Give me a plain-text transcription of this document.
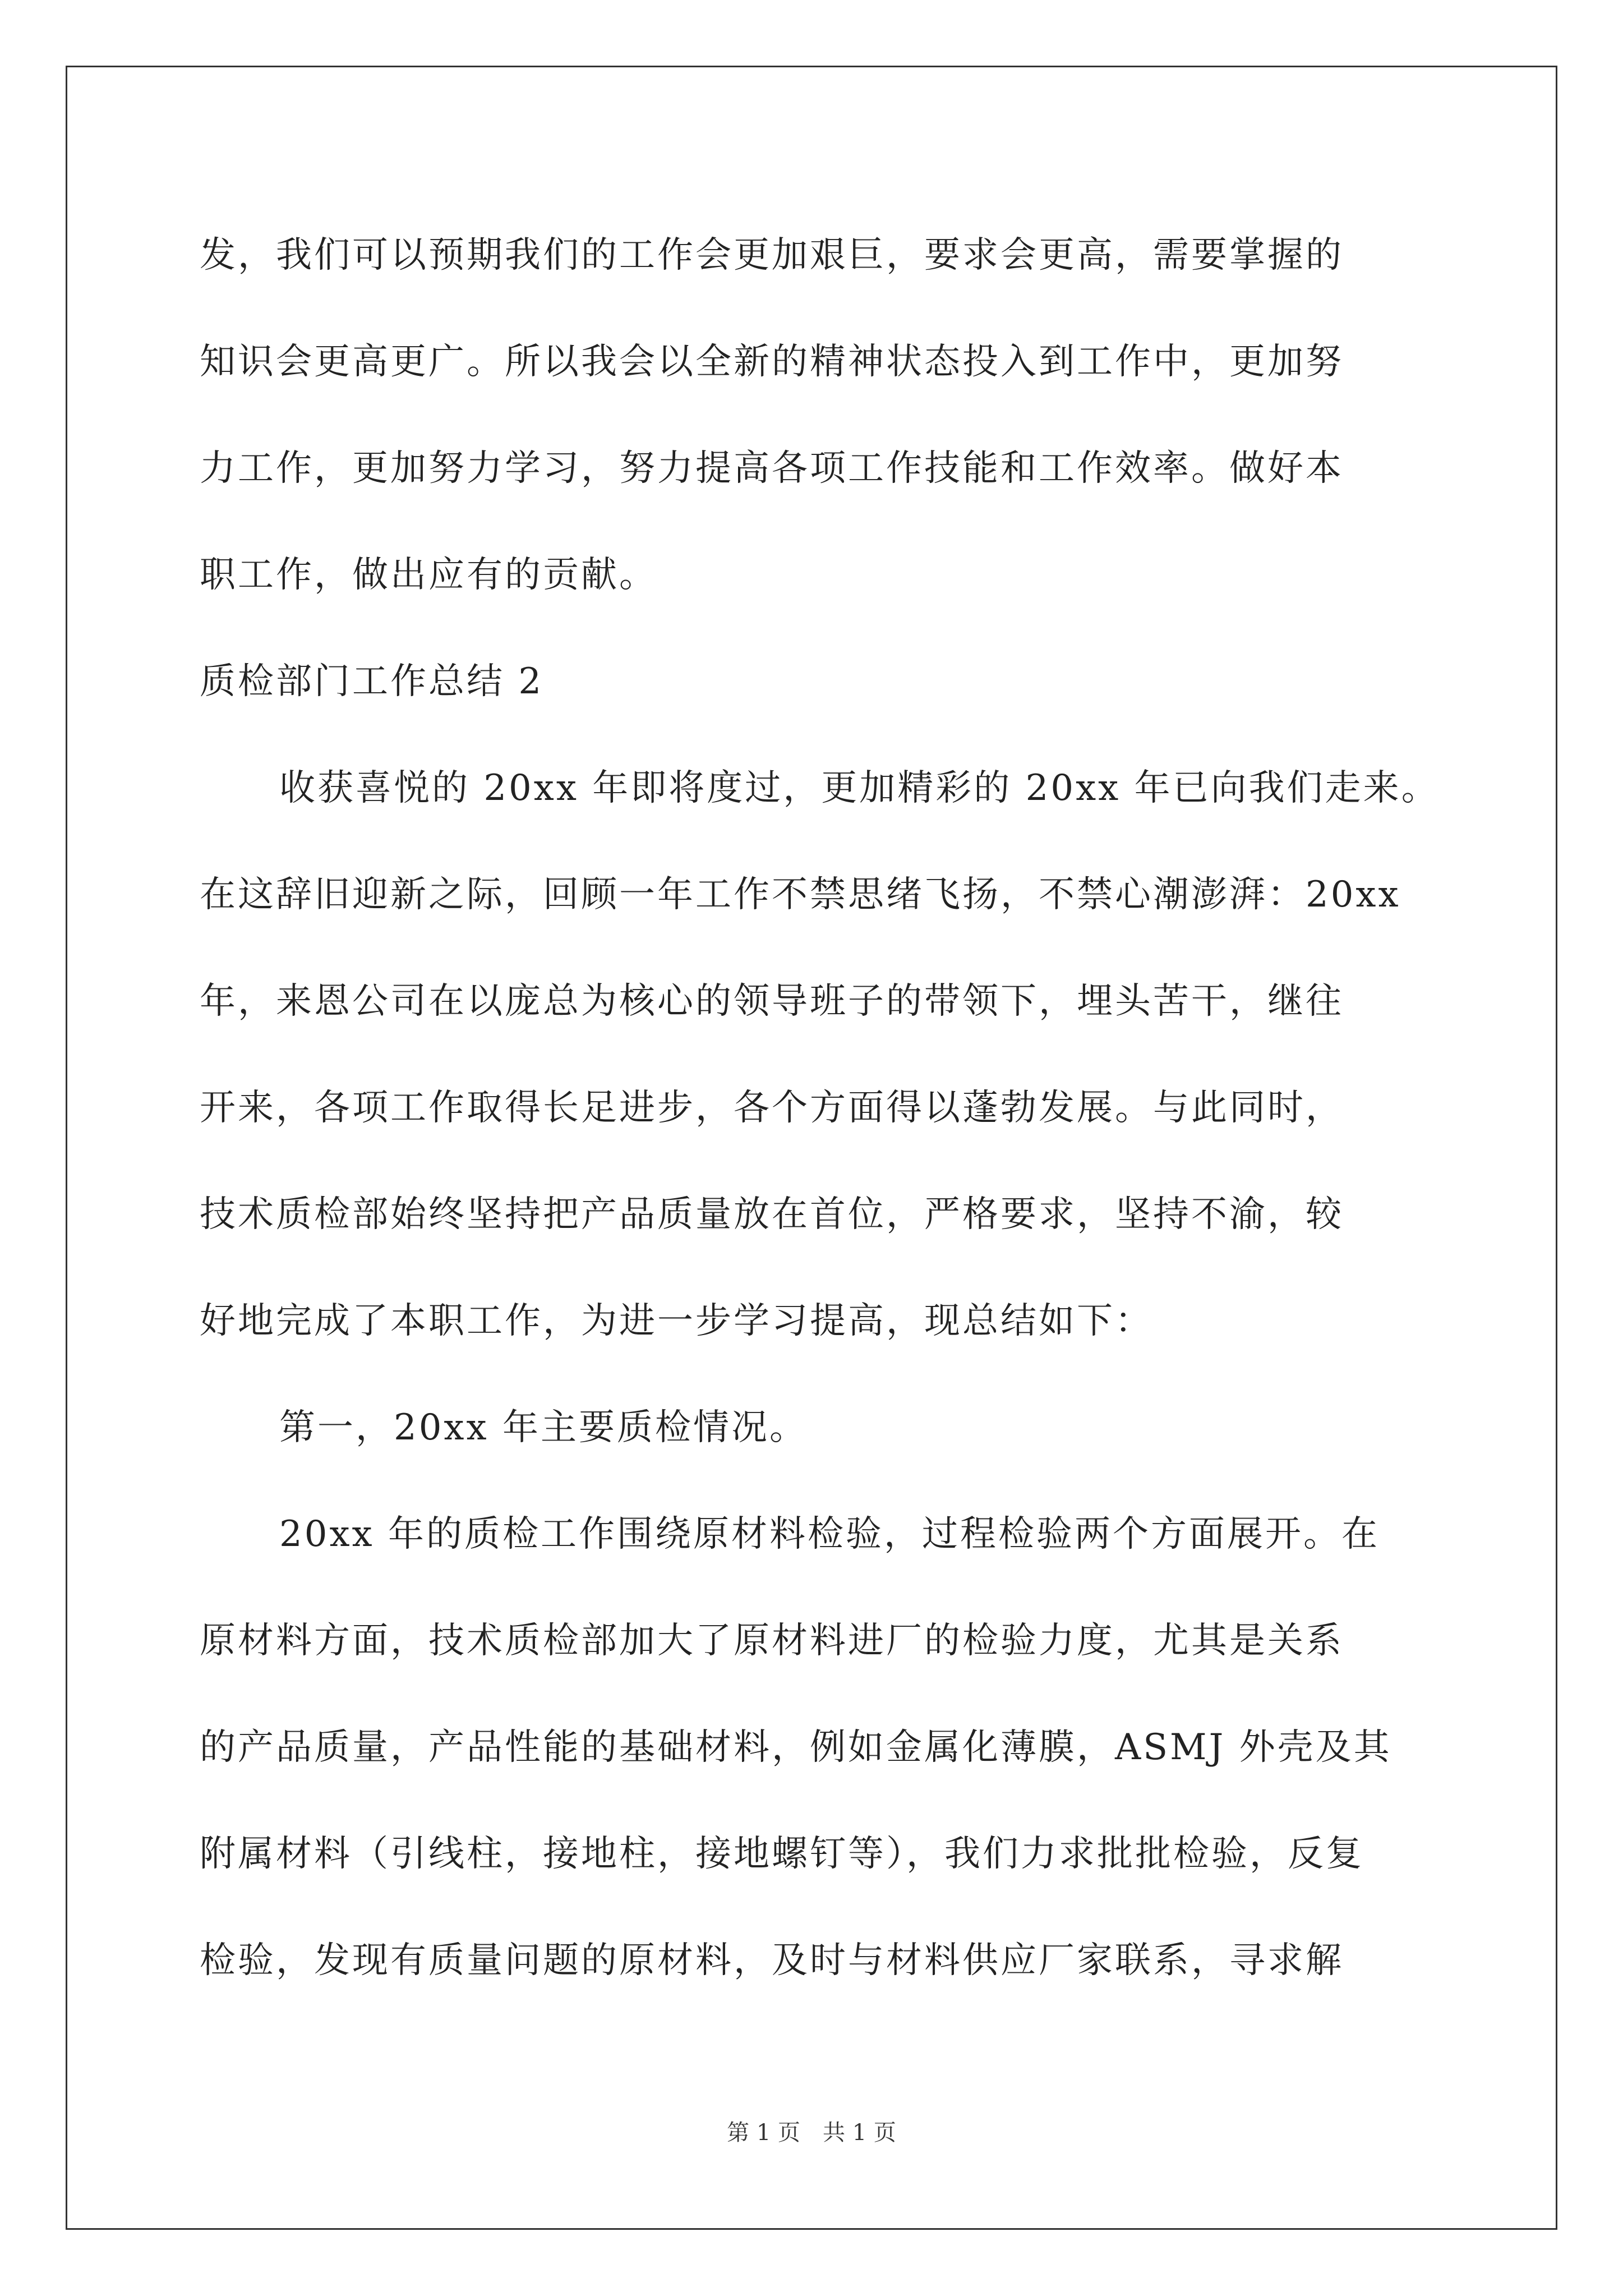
发，我们可以预期我们的工作会更加艰巨，要求会更高，需要掌握的
知识会更高更广。所以我会以全新的精神状态投入到工作中，更加努
力工作，更加努力学习，努力提高各项工作技能和工作效率。做好本
职工作，做出应有的贡献。
质检部门工作总结 2
收获喜悦的 20xx 年即将度过，更加精彩的 20xx 年已向我们走来。
在这辞旧迎新之际，回顾一年工作不禁思绪飞扬，不禁心潮澎湃：20xx
年，来恩公司在以庞总为核心的领导班子的带领下，埋头苦干，继往
开来，各项工作取得长足进步，各个方面得以蓬勃发展。与此同时，
技术质检部始终坚持把产品质量放在首位，严格要求，坚持不渝，较
好地完成了本职工作，为进一步学习提高，现总结如下：
第一，20xx 年主要质检情况。
20xx 年的质检工作围绕原材料检验，过程检验两个方面展开。在
原材料方面，技术质检部加大了原材料进厂的检验力度，尤其是关系
的产品质量，产品性能的基础材料，例如金属化薄膜，ASMJ 外壳及其
附属材料（引线柱，接地柱，接地螺钉等），我们力求批批检验，反复
检验，发现有质量问题的原材料，及时与材料供应厂家联系，寻求解
第 1 页 共 1 页
